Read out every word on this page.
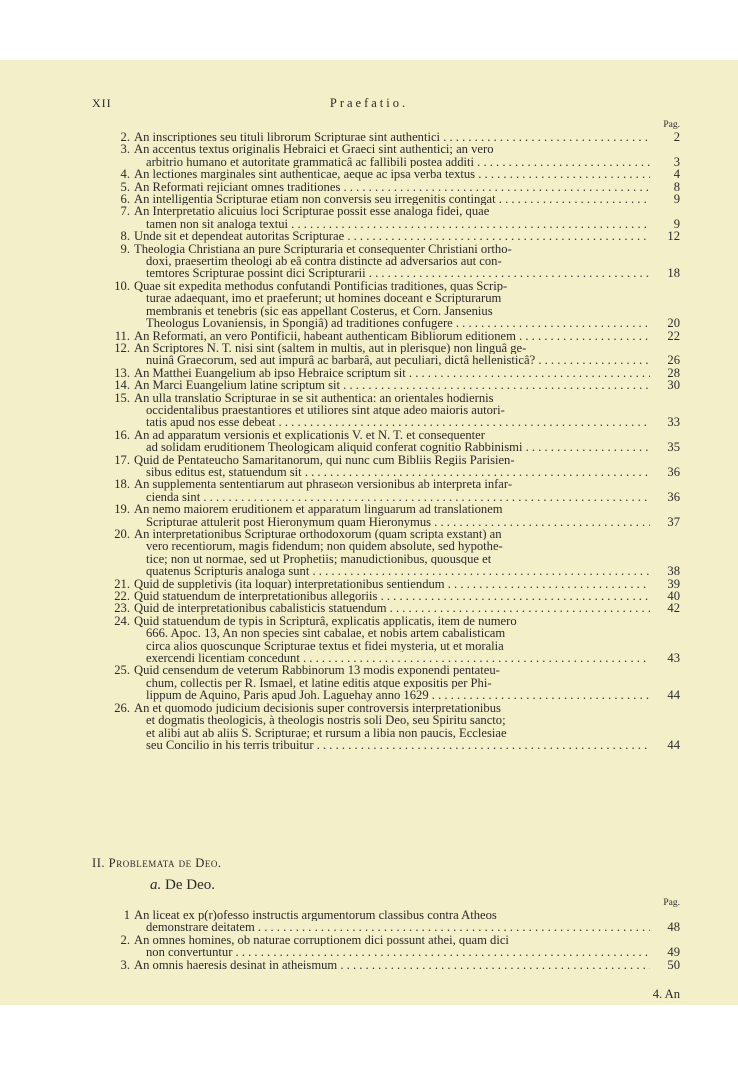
XII	Praefatio.
Pag.
2. An inscriptiones seu tituli librorum Scripturae sint authentici . . .	2
3. An accentus textus originalis Hebraici et Graeci sint authentici; an vero
arbitrio humano et autoritate grammaticâ ac fallibili postea additi . . .	3
4. An lectiones marginales sint authenticae, aeque ac ipsa verba textus . . .	4
5. An Reformati rejiciant omnes traditiones . . .	8
6. An intelligentia Scripturae etiam non conversis seu irregenitis contingat . . . .	9
7. An Interpretatio alicuius loci Scripturae possit esse analoga fidei, quae
tamen non sit analoga textui . . .	9
8. Unde sit et dependeat autoritas Scripturae . . .	12
9. Theologia Christiana an pure Scripturaria et consequenter Christiani ortho-
doxi, praesertim theologi ab eâ contra distincte ad adversarios aut con-
temtores Scripturae possint dici Scripturarii . . .	18
10. Quae sit expedita methodus confutandi Pontificias traditiones, quas Scrip-
turae adaequant, imo et praeferunt; ut homines doceant e Scripturarum
membranis et tenebris (sic eas appellant Costerus, et Corn. Jansenius
Theologus Lovaniensis, in Spongiâ) ad traditiones confugere . . .	20
11. An Reformati, an vero Pontificii, habeant authenticam Bibliorum editionem . . .	22
12. An Scriptores N. T. nisi sint (saltem in multis, aut in plerisque) non linguâ ge-
nuinâ Graecorum, sed aut impurâ ac barbarâ, aut peculiari, dictâ hellenisticâ? . . .	26
13. An Matthei Euangelium ab ipso Hebraice scriptum sit . . .	28
14. An Marci Euangelium latine scriptum sit . . .	30
15. An ulla translatio Scripturae in se sit authentica: an orientales hodiernis
occidentalibus praestantiores et utiliores sint atque adeo maioris autori-
tatis apud nos esse debeat . . .	33
16. An ad apparatum versionis et explicationis V. et N. T. et consequenter
ad solidam eruditionem Theologicam aliquid conferat cognitio Rabbinismi . . .	35
17. Quid de Pentateucho Samaritanorum, qui nunc cum Bibliis Regiis Parisien-
sibus editus est, statuendum sit . . .	36
18. An supplementa sententiarum aut phraseωn versionibus ab interpreta infar-
cienda sint . . .	36
19. An nemo maiorem eruditionem et apparatum linguarum ad translationem
Scripturae attulerit post Hieronymum quam Hieronymus . . .	37
20. An interpretationibus Scripturae orthodoxorum (quam scripta exstant) an
vero recentiorum, magis fidendum; non quidem absolute, sed hypothe-
tice; non ut normae, sed ut Prophetiis; manudictionibus, quousque et
quatenus Scripturis analoga sunt . . .	38
21. Quid de suppletivis (ita loquar) interpretationibus sentiendum . . .	39
22. Quid statuendum de interpretationibus allegoriis . . .	40
23. Quid de interpretationibus cabalisticis statuendum . . .	42
24. Quid statuendum de typis in Scripturâ, explicatis applicatis, item de numero
666. Apoc. 13, An non species sint cabalae, et nobis artem cabalisticam
circa alios quoscunque Scripturae textus et fidei mysteria, ut et moralia
exercendi licentiam concedunt . . .	43
25. Quid censendum de veterum Rabbinorum 13 modis exponendi pentateu-
chum, collectis per R. Ismael, et latine editis atque expositis per Phi-
lippum de Aquino, Paris apud Joh. Laguehay anno 1629 . . .	44
26. An et quomodo judicium decisionis super controversis interpretationibus
et dogmatis theologicis, à theologis nostris soli Deo, seu Spiritu sancto;
et alibi aut ab aliis S. Scripturae; et rursum a libia non paucis, Ecclesiae
seu Concilio in his terris tribuitur . . .	44
II. Problemata de Deo.
a. De Deo.
Pag.
1 An liceat ex p(r)ofesso instructis argumentorum classibus contra Atheos
demonstrare deitatem . . .	48
2. An omnes homines, ob naturae corruptionem dici possunt athei, quam dici
non convertuntur . . .	49
3. An omnis haeresis desinat in atheismum . . .	50
4. An
